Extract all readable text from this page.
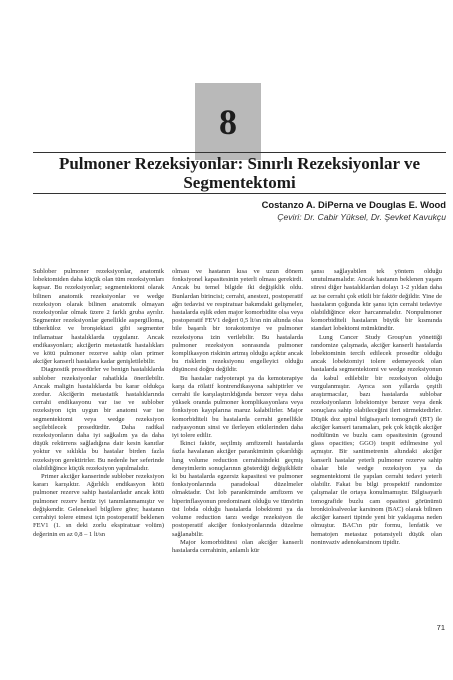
8
Pulmoner Rezeksiyonlar: Sınırlı Rezeksiyonlar ve
Segmentektomi
Costanzo A. DiPerna ve Douglas E. Wood
Çeviri: Dr. Cabir Yüksel, Dr. Şevket Kavukçu

Sublober pulmoner rezeksiyonlar, anatomik lobektomiden daha küçük olan tüm rezeksiyonları kapsar. Bu rezeksiyonlar; segmentektomi olarak bilinen anatomik rezeksiyonlar ve wedge rezeksiyon olarak bilinen anatomik olmayan rezeksiyonlar olmak üzere 2 farklı gruba ayrılır. Segmenter rezeksiyonlar genellikle aspergilloma, tüberküloz ve bronşiektazi gibi segmenter inflamatuar hastalıklarda uygulanır. Ancak endikasyonları; akciğerin metastatik hastalıkları ve kötü pulmoner rezerve sahip olan primer akciğer kanserli hastalara kadar genişletilebilir.

Diagnostik prosedürler ve benign hastalıklarda sublober rezeksiyonlar rahatlıkla önerilebilir. Ancak maligin hastalıklarda bu karar oldukça zordur. Akciğerin metastatik hastalıklarında cerrahi endikasyonu var ise ve sublober rezeksiyon için uygun bir anatomi var ise segmentektomi veya wedge rezeksiyon seçilebilecek prosedürdür. Daha radikal rezeksiyonların daha iyi sağkalım ya da daha düşük rekürrens sağladığına dair kesin kanıtlar yoktur ve sıklıkla bu hastalar birden fazla rezeksiyon gerektirirler. Bu nedenle her seferinde olabildiğince küçük rezeksiyon yapılmalıdır.

Primer akciğer kanserinde sublober rezeksiyon kararı karışıktır. Ağırlıklı endikasyon kötü pulmoner rezerve sahip hastalardadır ancak kötü pulmoner rezerv henüz iyi tanımlanmamıştır ve değişkendir. Geleneksel bilgilere göre; hastanın cerrahiyi tolere etmesi için postoperatif beklenen FEV1 (1. sn deki zorlu ekspiratuar volüm) değerinin en az 0,8 – 1 lt/sn

olması ve hastanın kısa ve uzun dönem fonksiyonel kapasitesinin yeterli olması gerekirdi. Ancak bu temel bilgide iki değişiklik oldu. Bunlardan birincisi; cerrahi, anestezi, postoperatif ağrı tedavisi ve respiratuar bakımdaki gelişmeler, hastalarda eşlik eden major komorbidite olsa veya postoperatif FEV1 değeri 0,5 lt/sn nin altında olsa bile başarılı bir torakotomiye ve pulmoner rezeksiyona izin verilebilir. Bu hastalarda pulmoner rezeksiyon sonrasında pulmoner komplikasyon riskinin artmış olduğu açıktır ancak bu risklerin rezeksiyonu engelleyici olduğu düşüncesi doğru değildir.

Bu hastalar radyoterapi ya da kemoterapiye karşı da rölatif kontrendikasyona sahiptirler ve cerrahi ile karşılaştırıldığında benzer veya daha yüksek oranda pulmoner komplikasyonlara veya fonksiyon kayıplarına maruz kalabilirler. Major komorbiditeli bu hastalarda cerrahi genellikle radyasyonun sinsi ve ilerleyen etkilerinden daha iyi tolere edilir.

İkinci faktör, seçilmiş amfizemli hastalarda fazla havalanan akciğer parankiminin çıkarıldığı lung volume reduction cerrahisindeki geçmiş deneyimlerin sonuçlarının gösterdiği değişikliktir ki bu hastalarda egzersiz kapasitesi ve pulmoner fonksiyonlarında paradoksal düzelmeler olmaktadır. Üst lob parankiminde amfizem ve hiperinflasyonun predominant olduğu ve tümörün üst lobda olduğu hastalarda lobektomi ya da volume reduction tarzı wedge rezeksiyon ile postoperatif akciğer fonksiyonlarında düzelme sağlanabilir.

Major komorbiditesi olan akciğer kanserli hastalarda cerrahinin, anlamlı kür

şansı sağlayabilen tek yöntem olduğu unutulmamalıdır. Ancak hastanın beklenen yaşam süresi diğer hastalıklardan dolayı 1-2 yıldan daha az ise cerrahi çok etkili bir faktör değildir. Yine de hastaların çoğunda kür şansı için cerrahi tedaviye olabildiğince ekor harcanmalıdır. Nonpulmoner komorbiditeli hastaların büyük bir kısmında standart lobektomi mümkündür.

Lung Cancer Study Group'un yönettiği randomize çalışmada, akciğer kanserli hastalarda lobektominin tercih edilecek prosedür olduğu ancak lobektomiyi tolere edemeyecek olan hastalarda segmentektomi ve wedge rezeksiyonun da kabul edilebilir bir rezeksiyon olduğu vurgulanmıştır. Ayrıca son yıllarda çeşitli araştırmacılar, bazı hastalarda sublobar rezeksiyonların lobektomiye benzer veya denk sonuçlara sahip olabileceğini ileri sürmektedirler. Düşük doz spiral bilgisayarlı tomografi (BT) ile akciğer kanseri taramaları, pek çok küçük akciğer nodülünün ve buzlu cam opasitesinin (ground glass opacities; GGO) tespit edilmesine yol açmıştır. Bir santimetrenin altındaki akciğer kanserli hastalar yeterli pulmoner rezerve sahip olsalar bile wedge rezeksiyon ya da segmentektomi ile yapılan cerrahi tedavi yeterli olabilir. Fakat bu bilgi prospektif randomize çalışmalar ile ortaya konulmamıştır. Bilgisayarlı tomografide buzlu cam opasitesi görünümü bronkioloalveolar karsinom (BAC) olarak bilinen akciğer kanseri tipinde yeni bir yaklaşıma neden olmuştur. BAC'ın pür formu, lenfatik ve hematojen metastaz potansiyeli düşük olan noninvaziv adenokarsinom tipidir.

71
